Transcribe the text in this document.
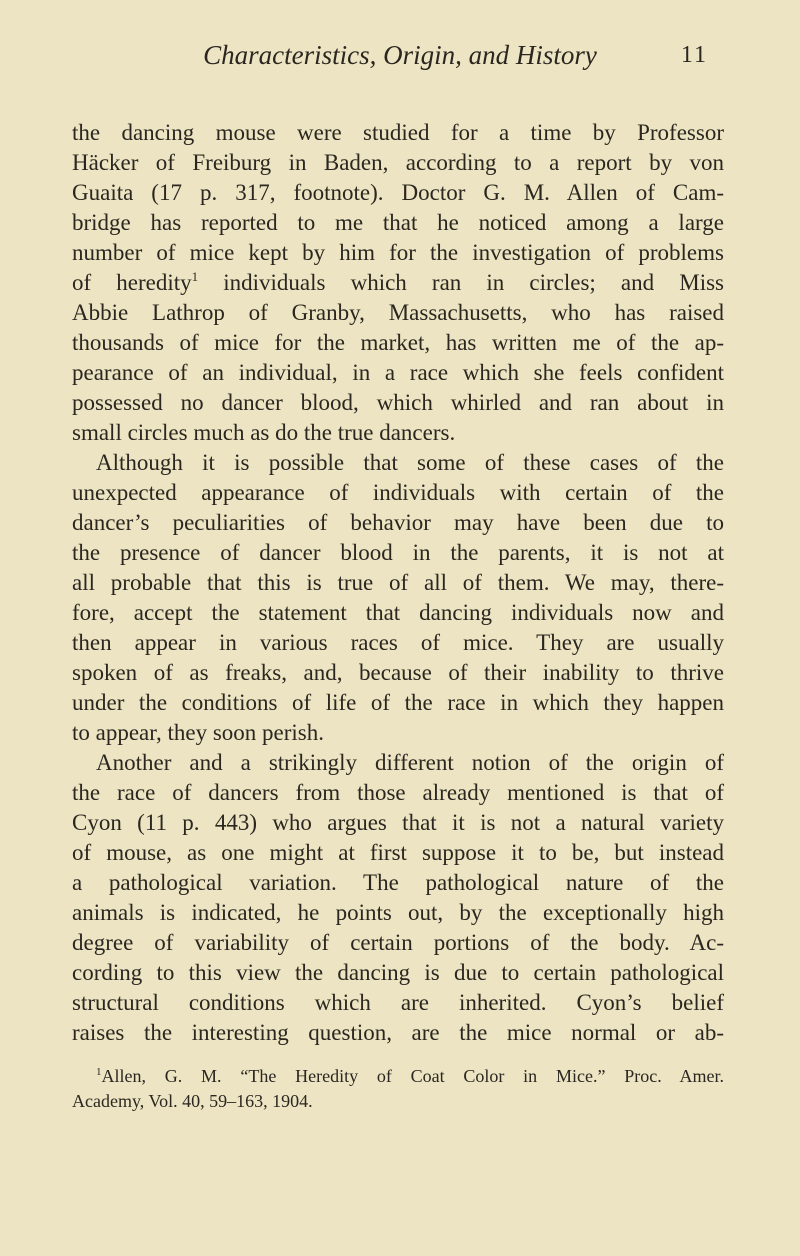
Characteristics, Origin, and History	11
the dancing mouse were studied for a time by Professor
Häcker of Freiburg in Baden, according to a report by von
Guaita (17 p. 317, footnote). Doctor G. M. Allen of Cam-
bridge has reported to me that he noticed among a large
number of mice kept by him for the investigation of problems
of heredity$^1$ individuals which ran in circles; and Miss
Abbie Lathrop of Granby, Massachusetts, who has raised
thousands of mice for the market, has written me of the ap-
pearance of an individual, in a race which she feels confident
possessed no dancer blood, which whirled and ran about in
small circles much as do the true dancers.
Although it is possible that some of these cases of the
unexpected appearance of individuals with certain of the
dancer’s peculiarities of behavior may have been due to
the presence of dancer blood in the parents, it is not at
all probable that this is true of all of them. We may, there-
fore, accept the statement that dancing individuals now and
then appear in various races of mice. They are usually
spoken of as freaks, and, because of their inability to thrive
under the conditions of life of the race in which they happen
to appear, they soon perish.
Another and a strikingly different notion of the origin of
the race of dancers from those already mentioned is that of
Cyon (11 p. 443) who argues that it is not a natural variety
of mouse, as one might at first suppose it to be, but instead
a pathological variation. The pathological nature of the
animals is indicated, he points out, by the exceptionally high
degree of variability of certain portions of the body. Ac-
cording to this view the dancing is due to certain pathological
structural conditions which are inherited. Cyon’s belief
raises the interesting question, are the mice normal or ab-
$^1$Allen, G. M. “The Heredity of Coat Color in Mice.” Proc. Amer.
Academy, Vol. 40, 59–163, 1904.
